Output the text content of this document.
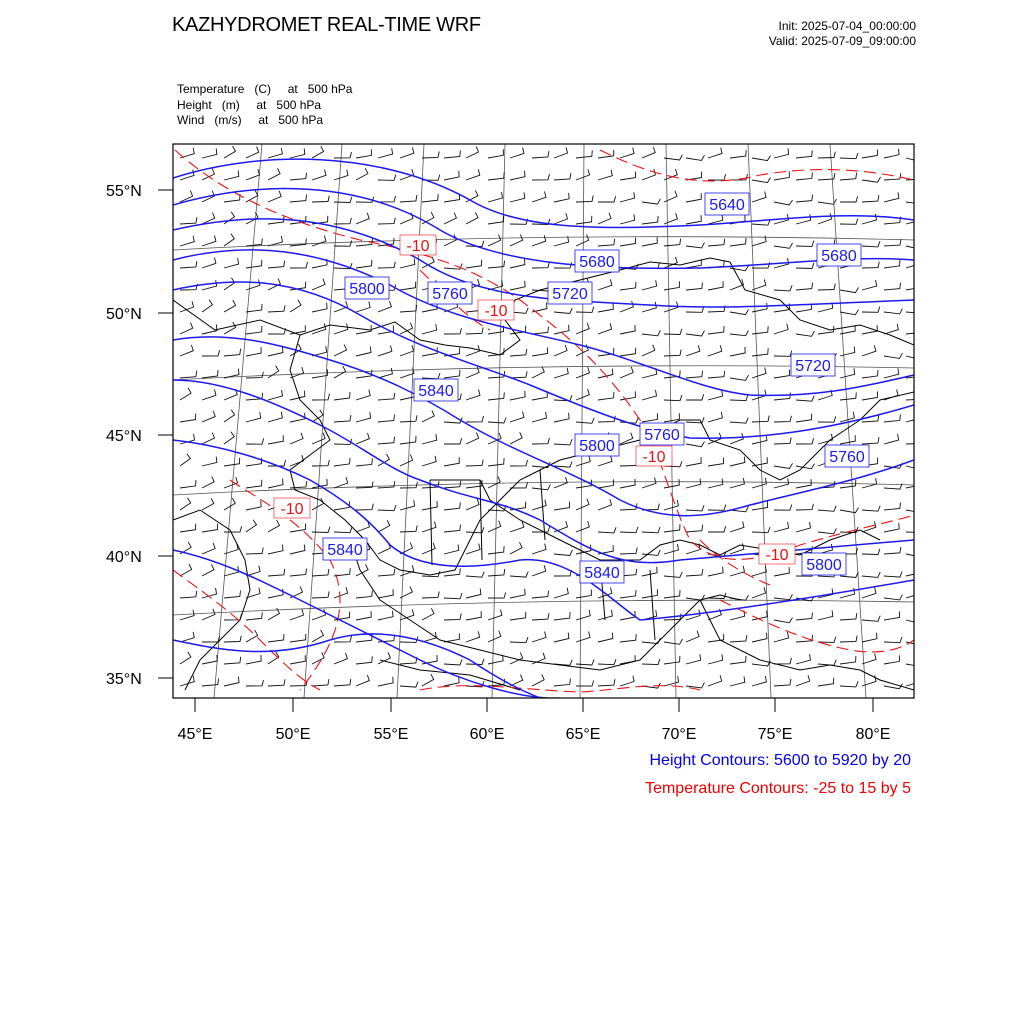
KAZHYDROMET REAL-TIME WRF	Init: 2025-07-04_00:00:00
Valid: 2025-07-09_09:00:00
Temperature (C)     at   500 hPa
Height (m)     at   500 hPa
Wind (m/s)     at   500 hPa
55°N
50°N
45°N
40°N
35°N
45°E	50°E	55°E	60°E	65°E	70°E	75°E	80°E
5640
5680	5680
5720
5720
5760
5760
5760
5800
5800
5800
5840
5840
5840
-10
-10
-10
-10
-10
Height Contours: 5600 to 5920 by 20
Temperature Contours: -25 to 15 by 5
